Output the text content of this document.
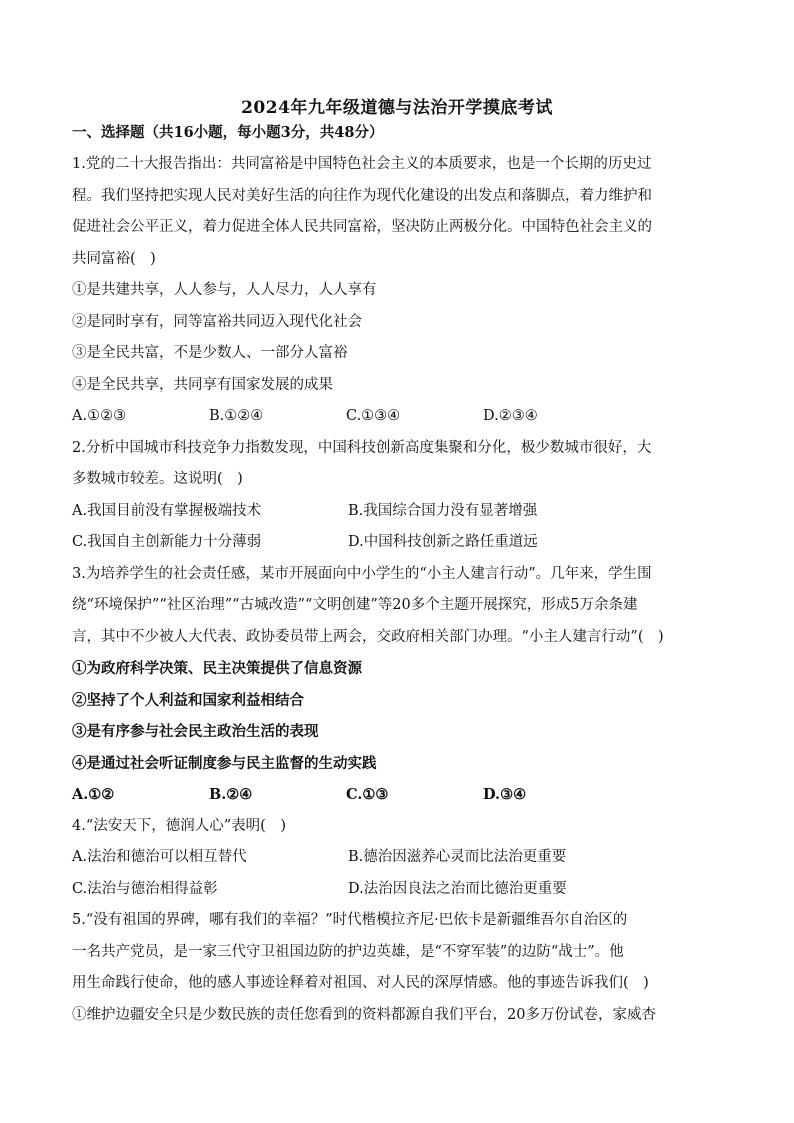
2024年九年级道德与法治开学摸底考试
一、选择题（共16小题，每小题3分，共48分）

1.党的二十大报告指出：共同富裕是中国特色社会主义的本质要求，也是一个长期的历史过

程。我们坚持把实现人民对美好生活的向往作为现代化建设的出发点和落脚点，着力维护和

促进社会公平正义，着力促进全体人民共同富裕，坚决防止两极分化。中国特色社会主义的

共同富裕(　)

①是共建共享，人人参与，人人尽力，人人享有

②是同时享有，同等富裕共同迈入现代化社会

③是全民共富，不是少数人、一部分人富裕

④是全民共享，共同享有国家发展的成果

A.①②③	B.①②④	C.①③④	D.②③④

2.分析中国城市科技竞争力指数发现，中国科技创新高度集聚和分化，极少数城市很好，大

多数城市较差。这说明(　)

A.我国目前没有掌握极端技术	B.我国综合国力没有显著增强
C.我国自主创新能力十分薄弱	D.中国科技创新之路任重道远

3.为培养学生的社会责任感，某市开展面向中小学生的“小主人建言行动”。几年来，学生围

绕“环境保护”“社区治理”“古城改造”“文明创建”等20多个主题开展探究，形成5万余条建

言，其中不少被人大代表、政协委员带上两会，交政府相关部门办理。“小主人建言行动”(　)

①为政府科学决策、民主决策提供了信息资源

②坚持了个人利益和国家利益相结合

③是有序参与社会民主政治生活的表现

④是通过社会听证制度参与民主监督的生动实践

A.①②	B.②④	C.①③	D.③④

4.“法安天下，德润人心”表明(　)

A.法治和德治可以相互替代	B.德治因滋养心灵而比法治更重要
C.法治与德治相得益彰	D.法治因良法之治而比德治更重要

5.“没有祖国的界碑，哪有我们的幸福？”时代楷模拉齐尼·巴依卡是新疆维吾尔自治区的

一名共产党员，是一家三代守卫祖国边防的护边英雄，是“不穿军装”的边防“战士”。他

用生命践行使命，他的感人事迹诠释着对祖国、对人民的深厚情感。他的事迹告诉我们(　)

①维护边疆安全只是少数民族的责任您看到的资料都源自我们平台，20多万份试卷，家威杏
